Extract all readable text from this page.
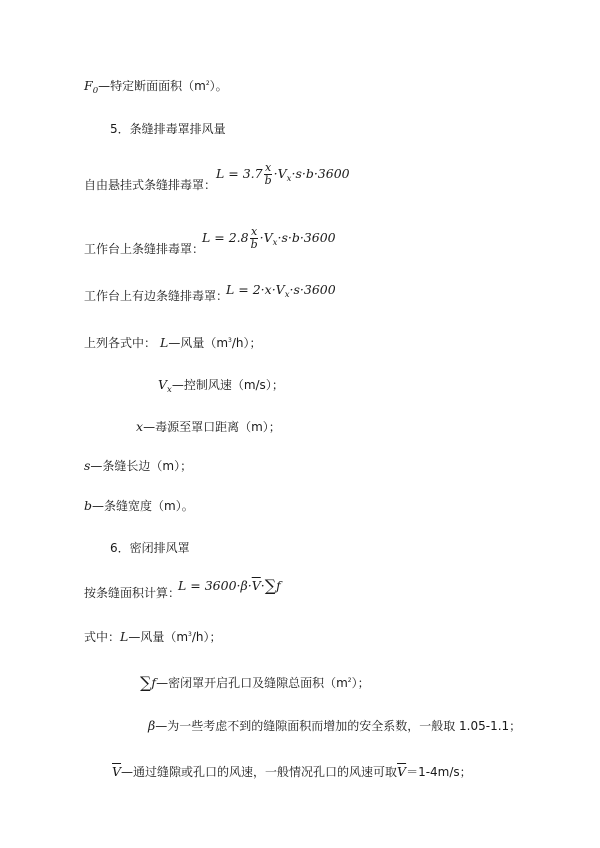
$F_0—$特定断面面积$(m^2)$。
5．条缝排毒罩排风量
自由悬挂式条缝排毒罩：
$L = 3.7 \frac{x}{b} \cdot V_x\cdot s\cdot b\cdot 3600$
工作台上条缝排毒罩：
$L = 2.8 \frac{x}{b} \cdot V_x\cdot s\cdot b\cdot 3600$
工作台上有边条缝排毒罩：
$L = 2\cdot x\cdot V_x\cdot s\cdot 3600$
上列各式中： L—风量$(m^3/h)$；
$V_x—$控制风速（m/s）；
x—毒源至罩口距离（m）；
s—条缝长边（m）；
b—条缝宽度（m）。
6．密闭排风罩
按条缝面积计算：
$L = 3600\cdot\beta\cdot\overline{V}\cdot\sum f$
式中：L—风量$(m^3/h)$；
∑f—密闭罩开启孔口及缝隙总面积$(m^2)$；
β—为一些考虑不到的缝隙面积而增加的安全系数，一般取 1.05-1.1；
$\overline{V}—$通过缝隙或孔口的风速，一般情况孔口的风速可取$\overline{V}=1-4m/s$；
